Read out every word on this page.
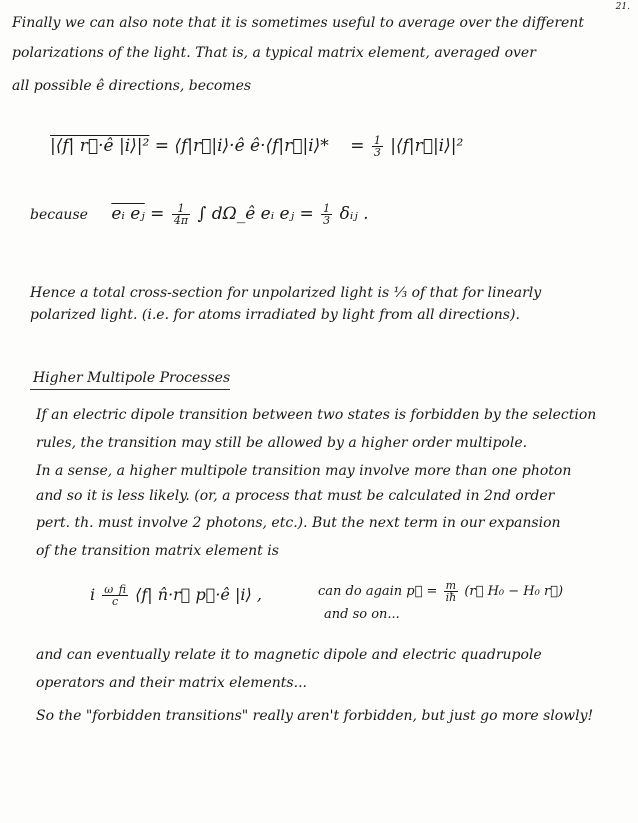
21.
Finally we can also note that it is sometimes useful to average over the different
polarizations of the light. That is, a typical matrix element, averaged over
all possible ê directions, becomes
|⟨f| r⃗·ê |i⟩|² = ⟨f|r⃗|i⟩·ê ê·⟨f|r⃗|i⟩* = $\frac{1}{3}$ |⟨f|r⃗|i⟩|²
because eᵢ eⱼ = $\frac{1}{4\pi}$ ∫ dΩ_ê eᵢ eⱼ = $\frac{1}{3}$ δᵢⱼ .
Hence a total cross-section for unpolarized light is ⅓ of that for linearly
polarized light. (i.e. for atoms irradiated by light from all directions).
Higher Multipole Processes
If an electric dipole transition between two states is forbidden by the selection
rules, the transition may still be allowed by a higher order multipole.
In a sense, a higher multipole transition may involve more than one photon
and so it is less likely. (or, a process that must be calculated in 2nd order
pert. th. must involve 2 photons, etc.). But the next term in our expansion
of the transition matrix element is
i $\frac{\omega\_fi}{c}$ ⟨f| n̂·r⃗ p⃗·ê |i⟩ ,	can do again p⃗ = $\frac{m}{iħ}$ (r⃗ H₀ − H₀ r⃗)
and so on...
and can eventually relate it to magnetic dipole and electric quadrupole
operators and their matrix elements...
So the "forbidden transitions" really aren't forbidden, but just go more slowly!
